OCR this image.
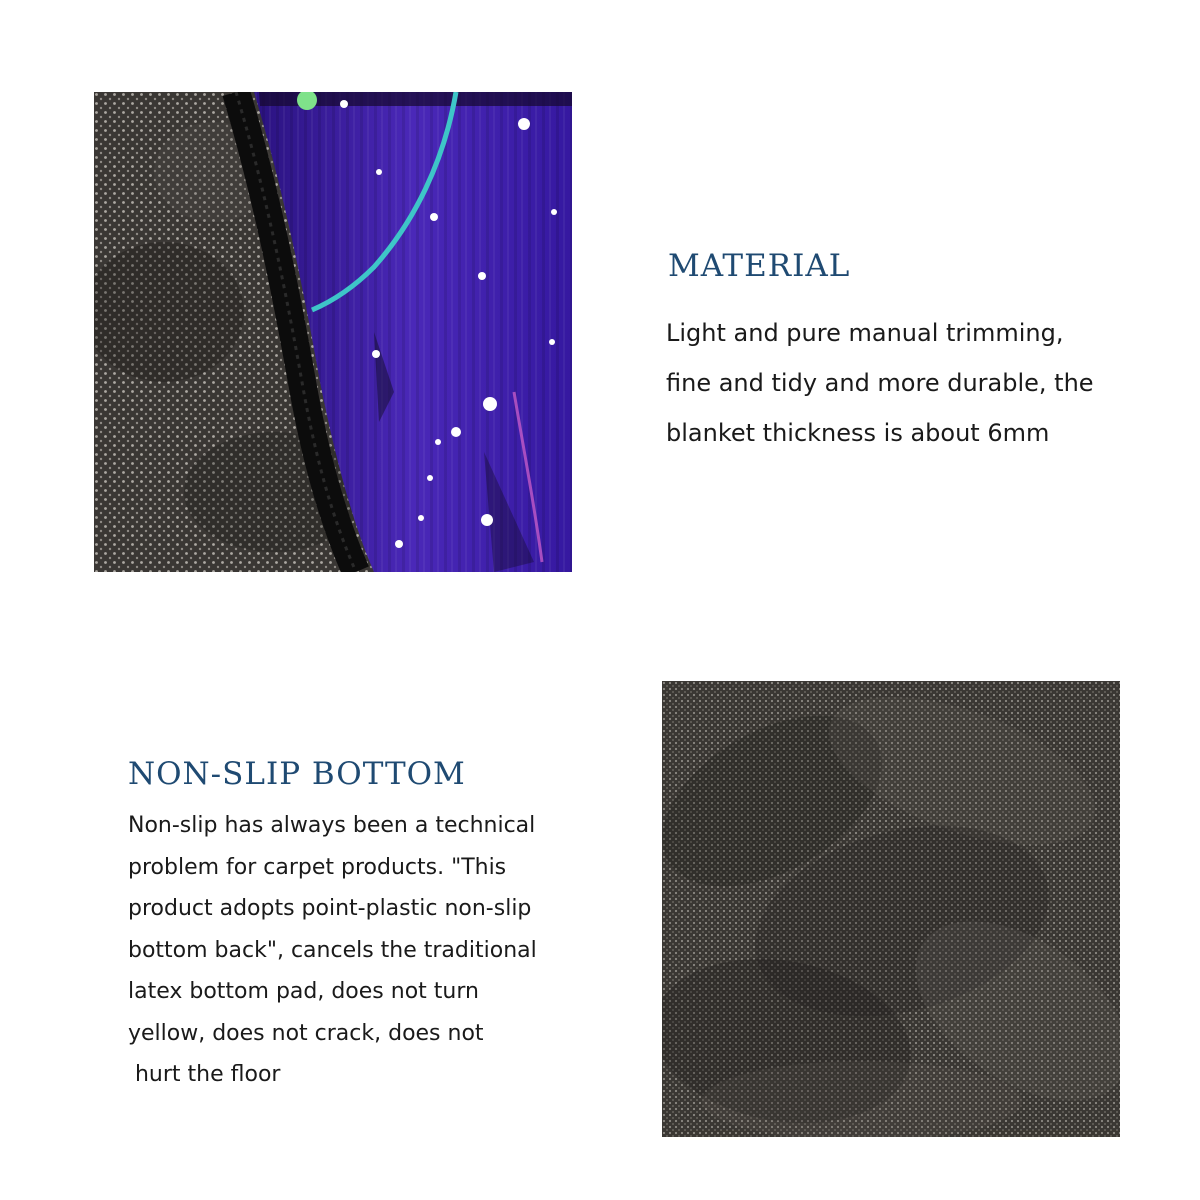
MATERIAL

Light and pure manual trimming,
fine and tidy and more durable, the
blanket thickness is about 6mm

NON-SLIP BOTTOM

Non-slip has always been a technical
problem for carpet products. "This
product adopts point-plastic non-slip
bottom back", cancels the traditional
latex bottom pad, does not turn
yellow, does not crack, does not
hurt the floor
